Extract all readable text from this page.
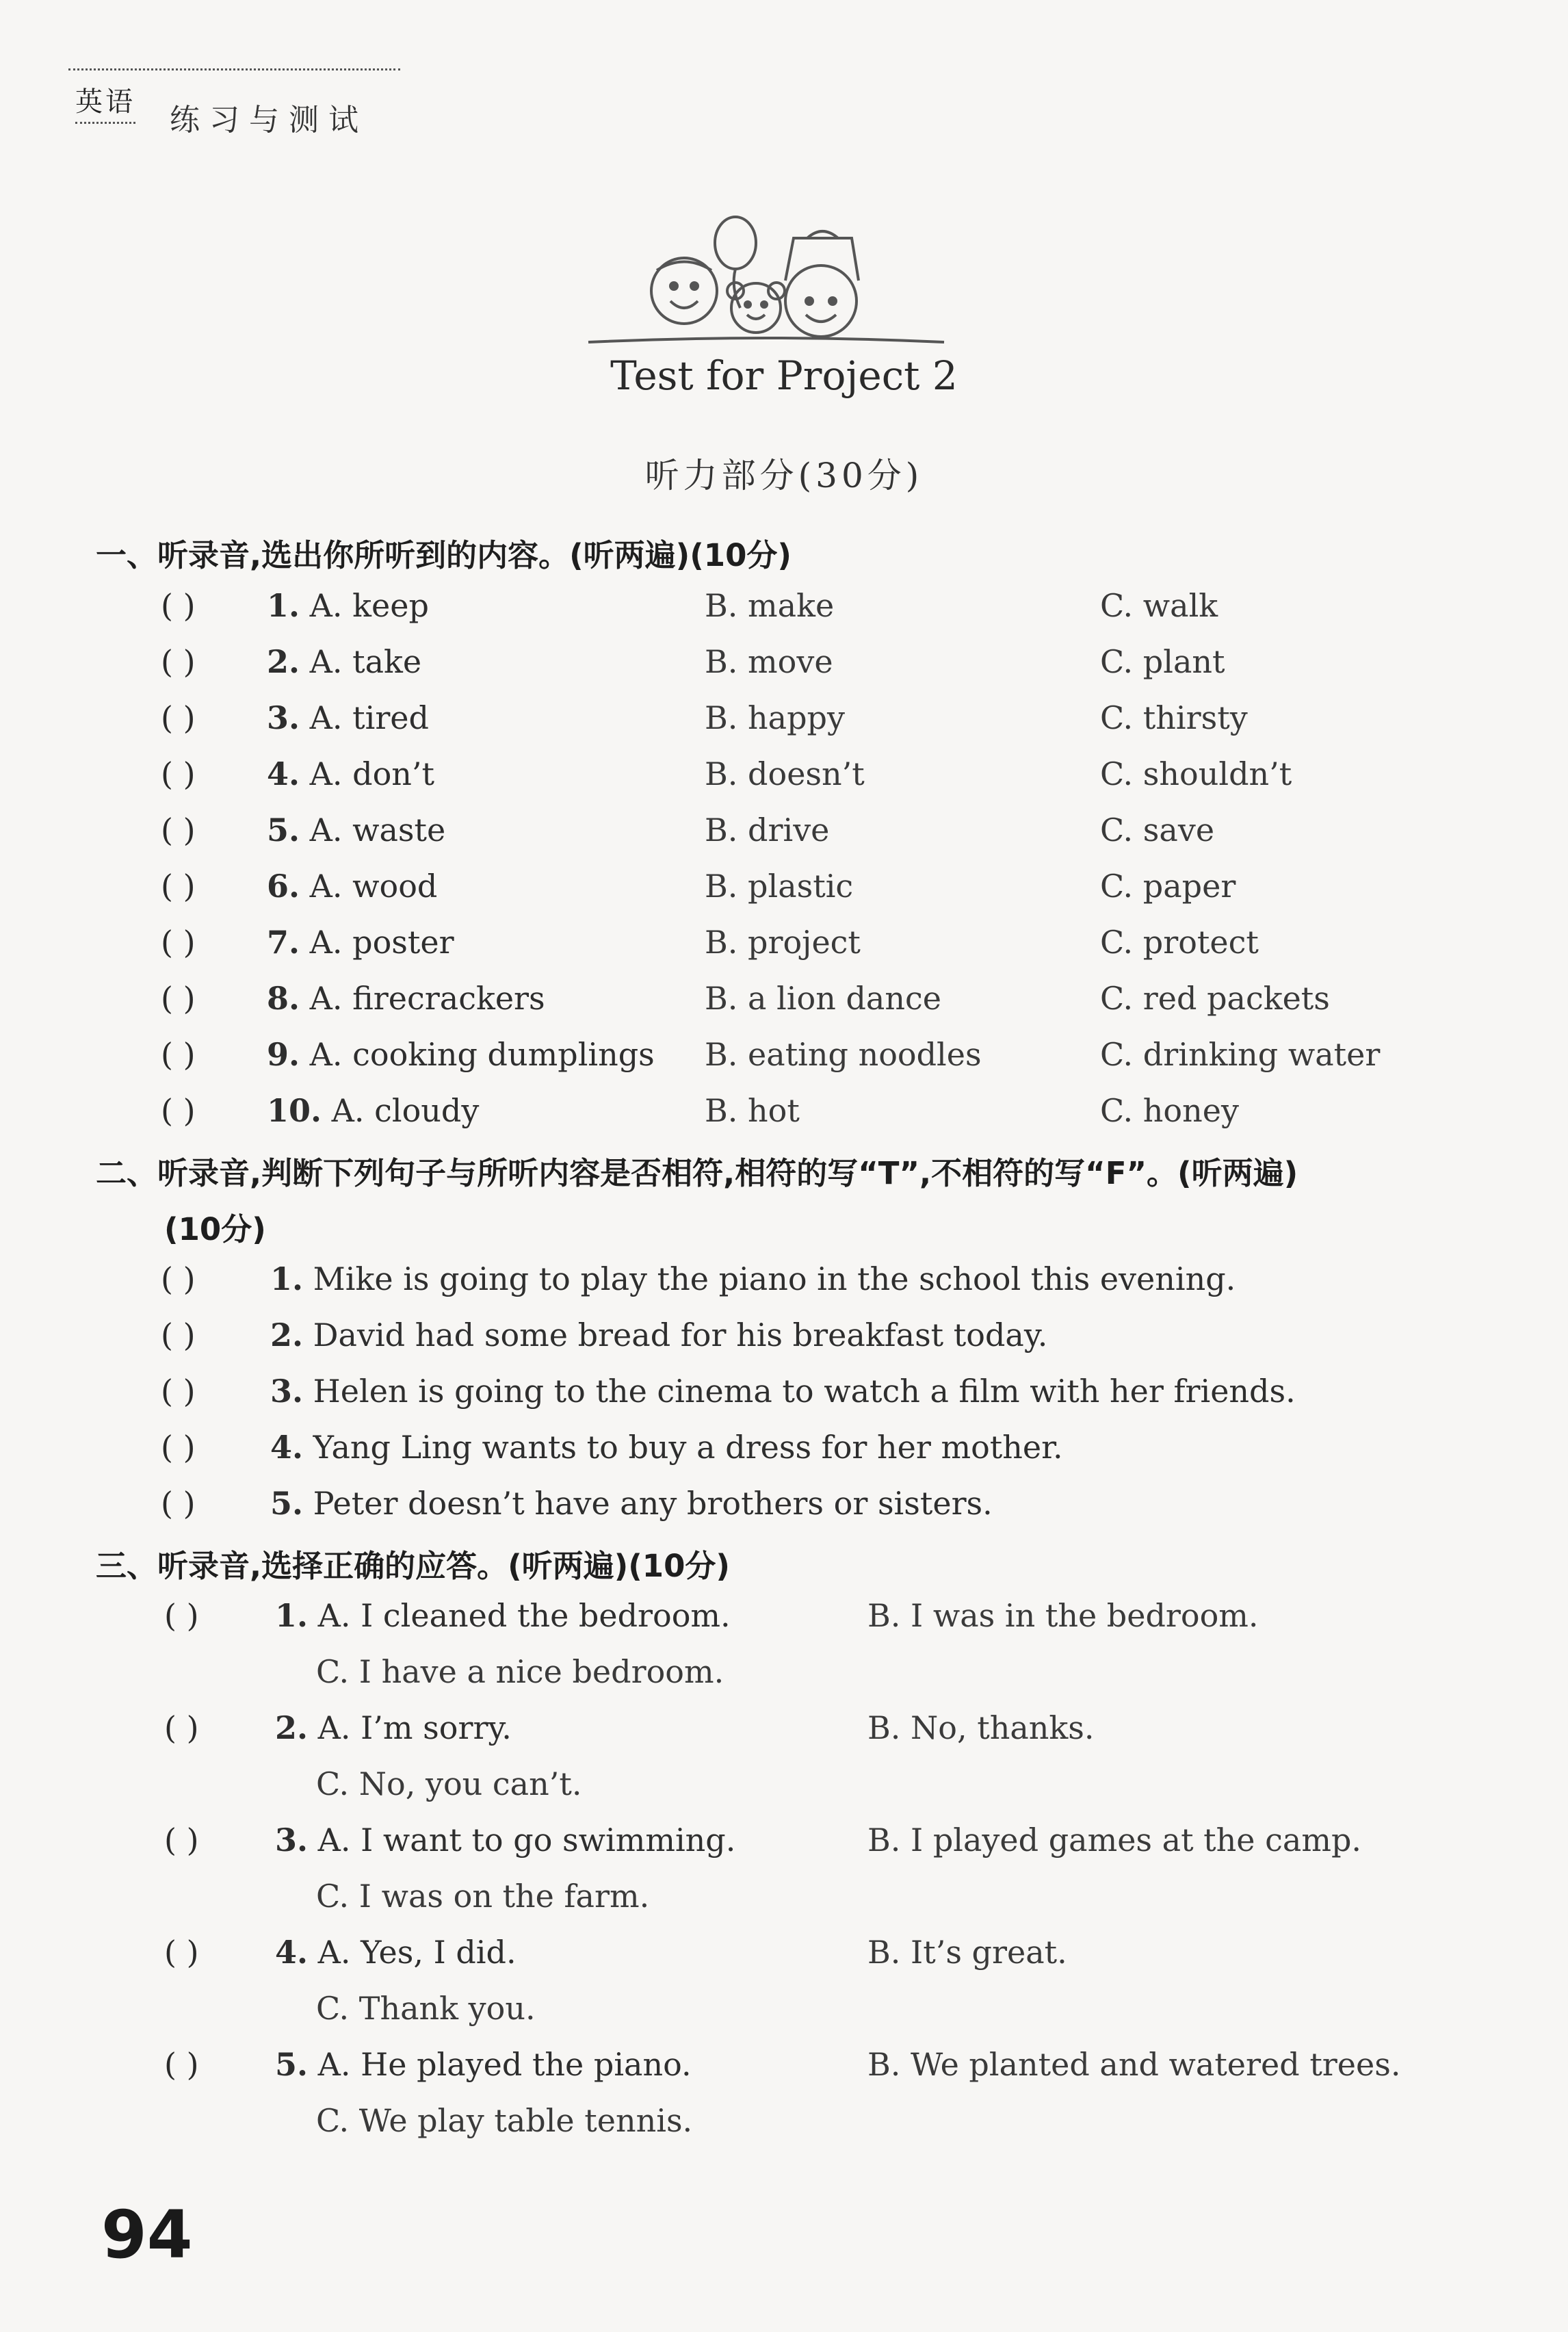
英语
练习与测试
Test for Project 2
听力部分(30分)
一、听录音,选出你所听到的内容。(听两遍)(10分)
( ) 1. A. keep	B. make	C. walk
( ) 2. A. take	B. move	C. plant
( ) 3. A. tired	B. happy	C. thirsty
( ) 4. A. don’t	B. doesn’t	C. shouldn’t
( ) 5. A. waste	B. drive	C. save
( ) 6. A. wood	B. plastic	C. paper
( ) 7. A. poster	B. project	C. protect
( ) 8. A. firecrackers	B. a lion dance	C. red packets
( ) 9. A. cooking dumplings B. eating noodles	C. drinking water
( ) 10. A. cloudy	B. hot	C. honey
二、听录音,判断下列句子与所听内容是否相符,相符的写“T”,不相符的写“F”。(听两遍)
(10分)
( ) 1. Mike is going to play the piano in the school this evening.
( ) 2. David had some bread for his breakfast today.
( ) 3. Helen is going to the cinema to watch a film with her friends.
( ) 4. Yang Ling wants to buy a dress for her mother.
( ) 5. Peter doesn’t have any brothers or sisters.
三、听录音,选择正确的应答。(听两遍)(10分)
( ) 1. A. I cleaned the bedroom.	B. I was in the bedroom.
C. I have a nice bedroom.
( ) 2. A. I’m sorry.	B. No, thanks.
C. No, you can’t.
( ) 3. A. I want to go swimming.	B. I played games at the camp.
C. I was on the farm.
( ) 4. A. Yes, I did.	B. It’s great.
C. Thank you.
( ) 5. A. He played the piano.	B. We planted and watered trees.
C. We play table tennis.
94
